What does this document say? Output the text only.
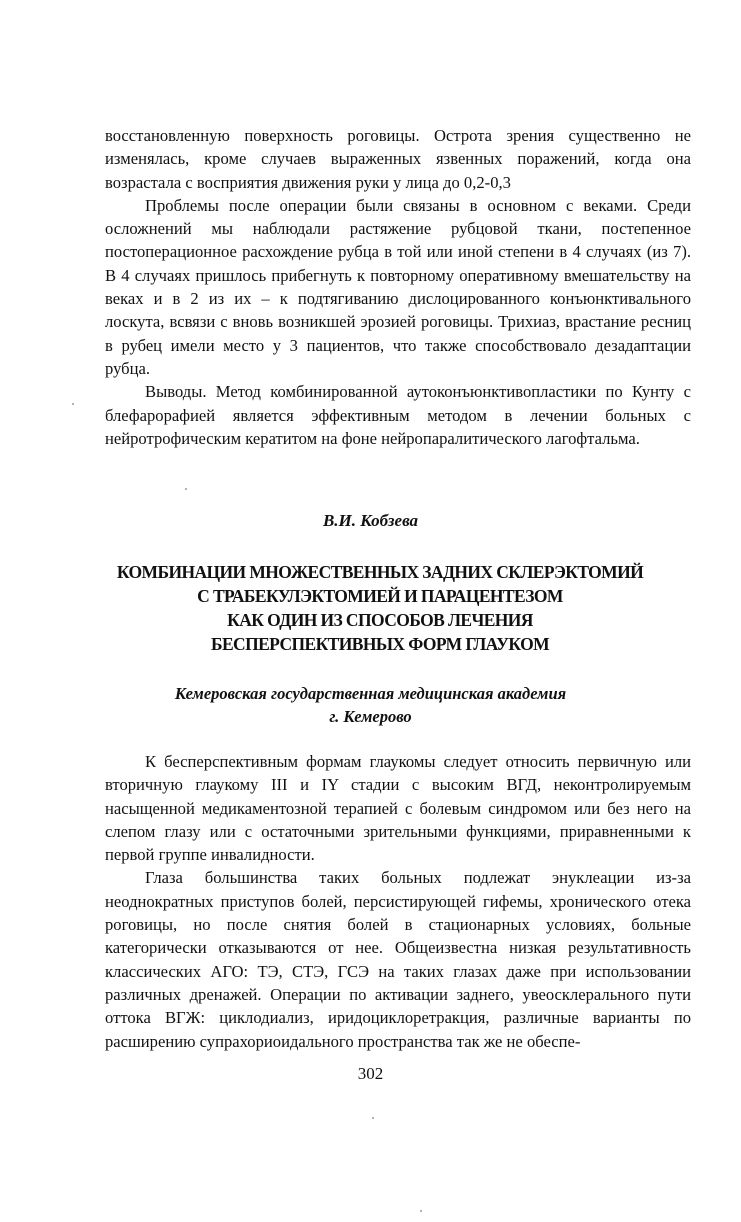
восстановленную поверхность роговицы. Острота зрения существенно не изменялась, кроме случаев выраженных язвенных поражений, когда она возрастала с восприятия движения руки у лица до 0,2-0,3

Проблемы после операции были связаны в основном с веками. Среди осложнений мы наблюдали растяжение рубцовой ткани, постепенное постоперационное расхождение рубца в той или иной степени в 4 случаях (из 7). В 4 случаях пришлось прибегнуть к повторному оперативному вмешательству на веках и в 2 из их – к подтягиванию дислоцированного конъюнктивального лоскута, всвязи с вновь возникшей эрозией роговицы. Трихиаз, врастание ресниц в рубец имели место у 3 пациентов, что также способствовало дезадаптации рубца.

Выводы. Метод комбинированной аутоконъюнктивопластики по Кунту с блефарорафией является эффективным методом в лечении больных с нейротрофическим кератитом на фоне нейропаралитического лагофтальма.

В.И. Кобзева
КОМБИНАЦИИ МНОЖЕСТВЕННЫХ ЗАДНИХ СКЛЕРЭКТОМИЙ
С ТРАБЕКУЛЭКТОМИЕЙ И ПАРАЦЕНТЕЗОМ
КАК ОДИН ИЗ СПОСОБОВ ЛЕЧЕНИЯ
БЕСПЕРСПЕКТИВНЫХ ФОРМ ГЛАУКОМ
Кемеровская государственная медицинская академия
г. Кемерово

К бесперспективным формам глаукомы следует относить первичную или вторичную глаукому III и IY стадии с высоким ВГД, неконтролируемым насыщенной медикаментозной терапией с болевым синдромом или без него на слепом глазу или с остаточными зрительными функциями, приравненными к первой группе инвалидности.

Глаза большинства таких больных подлежат энуклеации из-за неоднократных приступов болей, персистирующей гифемы, хронического отека роговицы, но после снятия болей в стационарных условиях, больные категорически отказываются от нее. Общеизвестна низкая результативность классических АГО: ТЭ, СТЭ, ГСЭ на таких глазах даже при использовании различных дренажей. Операции по активации заднего, увеосклерального пути оттока ВГЖ: циклодиализ, иридоциклоретракция, различные варианты по расширению супрахориоидального пространства так же не обеспе-

302
